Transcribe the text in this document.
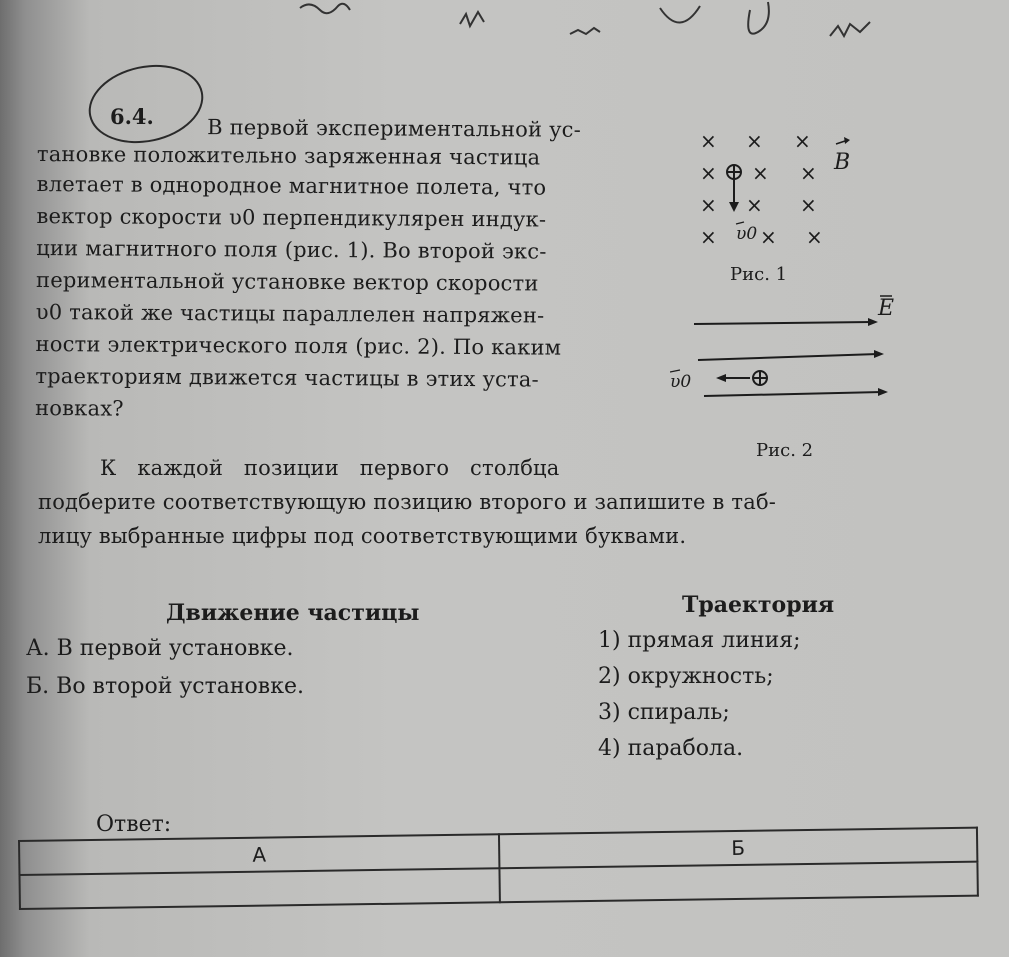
6.4.	В первой экспериментальной ус-
тановке положительно заряженная частица
влетает в однородное магнитное полета, что
вектор скорости υ0 перпендикулярен индук-
ции магнитного поля (рис. 1). Во второй экс-
периментальной установке вектор скорости
υ0 такой же частицы параллелен напряжен-
ности электрического поля (рис. 2). По каким
траекториям движется частицы в этих уста-
новках?
× × ×
× × ×
× × ×
× × ×
B
υ0
Рис. 1
E
υ0
Рис. 2
К каждой позиции первого столбца
подберите соответствующую позицию второго и запишите в таб-
лицу выбранные цифры под соответствующими буквами.
Движение частицы
А. В первой установке.
Б. Во второй установке.
Траектория
1) прямая линия;
2) окружность;
3) спираль;
4) парабола.
Ответ:
А	Б
